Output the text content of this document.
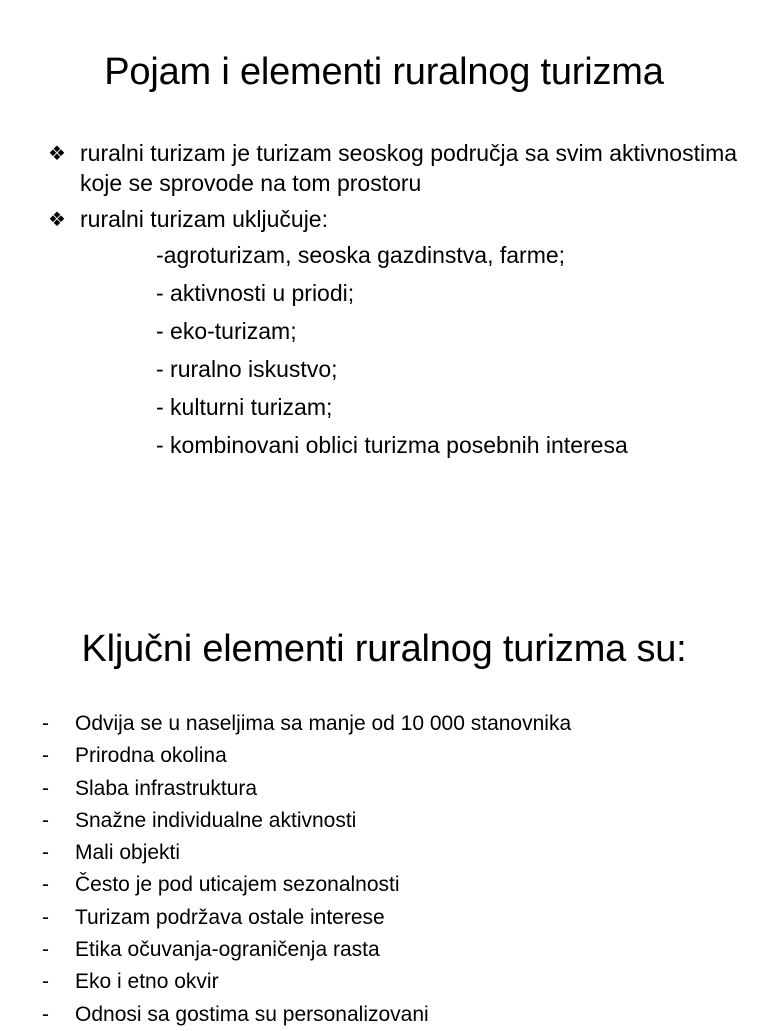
Pojam i elementi ruralnog turizma
❖ ruralni turizam je turizam seoskog područja sa svim aktivnostima koje se sprovode na tom prostoru
❖ ruralni turizam uključuje:
-agroturizam, seoska gazdinstva, farme;
- aktivnosti u priodi;
- eko-turizam;
- ruralno iskustvo;
- kulturni turizam;
- kombinovani oblici turizma posebnih interesa
Ključni elementi ruralnog turizma su:
- Odvija se u naseljima sa manje od 10 000 stanovnika
- Prirodna okolina
- Slaba infrastruktura
- Snažne individualne aktivnosti
- Mali objekti
- Često je pod uticajem sezonalnosti
- Turizam podržava ostale interese
- Etika očuvanja-ograničenja rasta
- Eko i etno okvir
- Odnosi sa gostima su personalizovani
